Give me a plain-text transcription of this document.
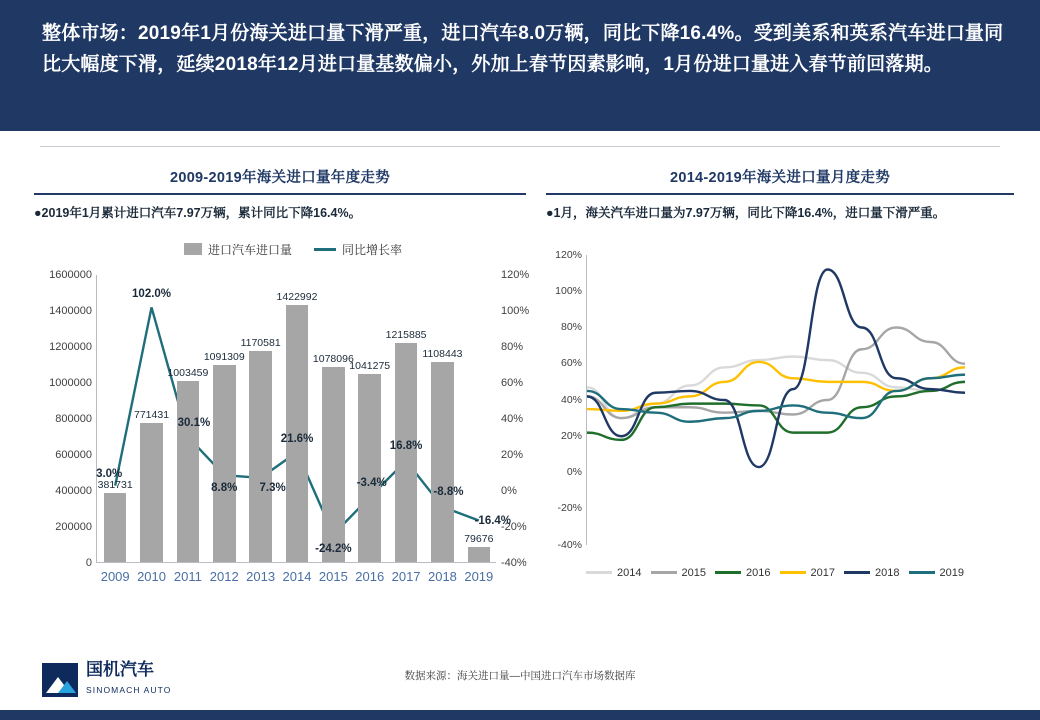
整体市场：2019年1月份海关进口量下滑严重，进口汽车8.0万辆，同比下降16.4%。受到美系和英系汽车进口量同比大幅度下滑，延续2018年12月进口量基数偏小，外加上春节因素影响，1月份进口量进入春节前回落期。
2009-2019年海关进口量年度走势
●2019年1月累计进口汽车7.97万辆，累计同比下降16.4%。
进口汽车进口量	同比增长率
0
200000
400000
600000
800000
1000000
1200000
1400000
1600000
-40%
-20%
0%
20%
40%
60%
80%
100%
120%
381731
2009
771431
2010
1003459
2011
1091309
2012
1170581
2013
1422992
2014
1078096
2015
1041275
2016
1215885
2017
1108443
2018
79676
2019
3.0%
102.0%
30.1%
8.8% 7.3%
21.6%
-24.2%
-3.4%
16.8%
-8.8%
-16.4%
2014-2019年海关进口量月度走势
●1月，海关汽车进口量为7.97万辆，同比下降16.4%，进口量下滑严重。
-40%
-20%
0%
20%
40%
60%
80%
100%
120%
2014	2015	2016	2017	2018	2019
数据来源：海关进口量—中国进口汽车市场数据库
国机汽车
SINOMACH AUTO
